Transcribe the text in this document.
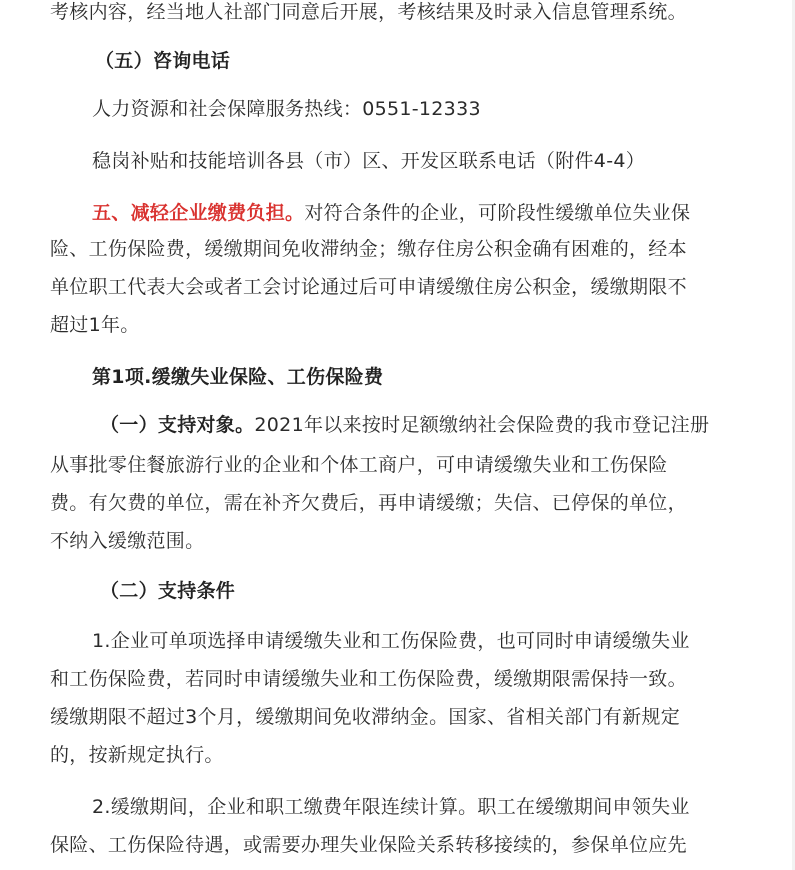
考核内容，经当地人社部门同意后开展，考核结果及时录入信息管理系统。
（五）咨询电话
人力资源和社会保障服务热线：0551-12333
稳岗补贴和技能培训各县（市）区、开发区联系电话（附件4-4）
五、减轻企业缴费负担。对符合条件的企业，可阶段性缓缴单位失业保
险、工伤保险费，缓缴期间免收滞纳金；缴存住房公积金确有困难的，经本
单位职工代表大会或者工会讨论通过后可申请缓缴住房公积金，缓缴期限不
超过1年。
第1项.缓缴失业保险、工伤保险费
（一）支持对象。2021年以来按时足额缴纳社会保险费的我市登记注册
从事批零住餐旅游行业的企业和个体工商户，可申请缓缴失业和工伤保险
费。有欠费的单位，需在补齐欠费后，再申请缓缴；失信、已停保的单位，
不纳入缓缴范围。
（二）支持条件
1.企业可单项选择申请缓缴失业和工伤保险费，也可同时申请缓缴失业
和工伤保险费，若同时申请缓缴失业和工伤保险费，缓缴期限需保持一致。
缓缴期限不超过3个月，缓缴期间免收滞纳金。国家、省相关部门有新规定
的，按新规定执行。
2.缓缴期间，企业和职工缴费年限连续计算。职工在缓缴期间申领失业
保险、工伤保险待遇，或需要办理失业保险关系转移接续的，参保单位应先
